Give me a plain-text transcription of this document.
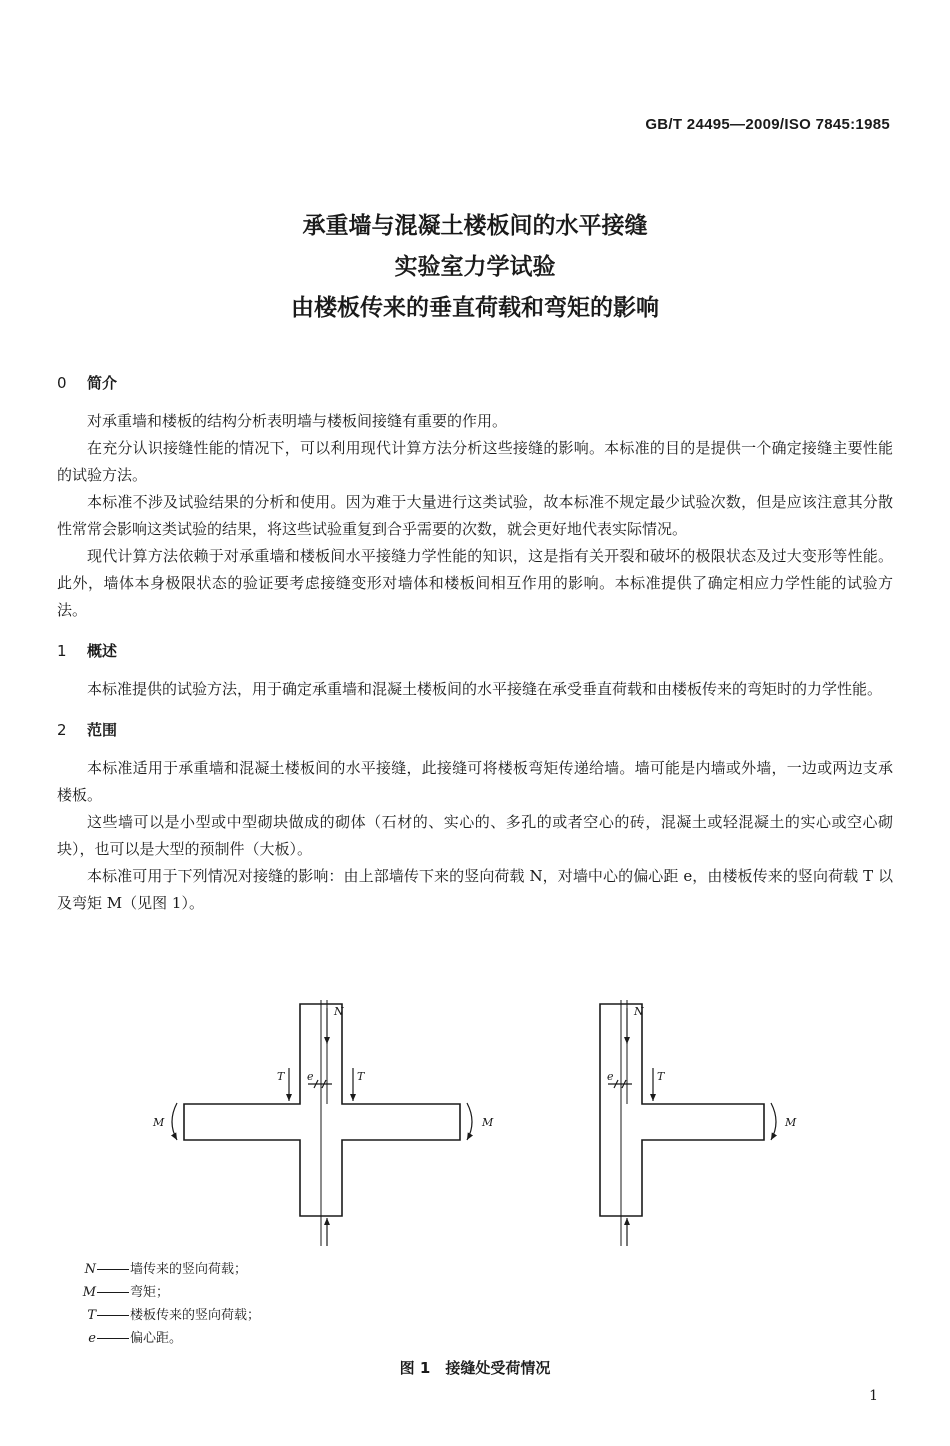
GB/T 24495—2009/ISO 7845:1985
承重墙与混凝土楼板间的水平接缝
实验室力学试验
由楼板传来的垂直荷载和弯矩的影响
0 简介

对承重墙和楼板的结构分析表明墙与楼板间接缝有重要的作用。

在充分认识接缝性能的情况下，可以利用现代计算方法分析这些接缝的影响。本标准的目的是提供一个确定接缝主要性能的试验方法。

本标准不涉及试验结果的分析和使用。因为难于大量进行这类试验，故本标准不规定最少试验次数，但是应该注意其分散性常常会影响这类试验的结果，将这些试验重复到合乎需要的次数，就会更好地代表实际情况。

现代计算方法依赖于对承重墙和楼板间水平接缝力学性能的知识，这是指有关开裂和破坏的极限状态及过大变形等性能。此外，墙体本身极限状态的验证要考虑接缝变形对墙体和楼板间相互作用的影响。本标准提供了确定相应力学性能的试验方法。

1 概述

本标准提供的试验方法，用于确定承重墙和混凝土楼板间的水平接缝在承受垂直荷载和由楼板传来的弯矩时的力学性能。

2 范围

本标准适用于承重墙和混凝土楼板间的水平接缝，此接缝可将楼板弯矩传递给墙。墙可能是内墙或外墙，一边或两边支承楼板。

这些墙可以是小型或中型砌块做成的砌体（石材的、实心的、多孔的或者空心的砖，混凝土或轻混凝土的实心或空心砌块），也可以是大型的预制件（大板）。

本标准可用于下列情况对接缝的影响：由上部墙传下来的竖向荷载 N，对墙中心的偏心距 e，由楼板传来的竖向荷载 T 以及弯矩 M（见图 1）。

N
T	T
e
M	M
N
T
e
M
N	墙传来的竖向荷载；
M	弯矩；
T	楼板传来的竖向荷载；
e	偏心距。
图 1　接缝处受荷情况
1
